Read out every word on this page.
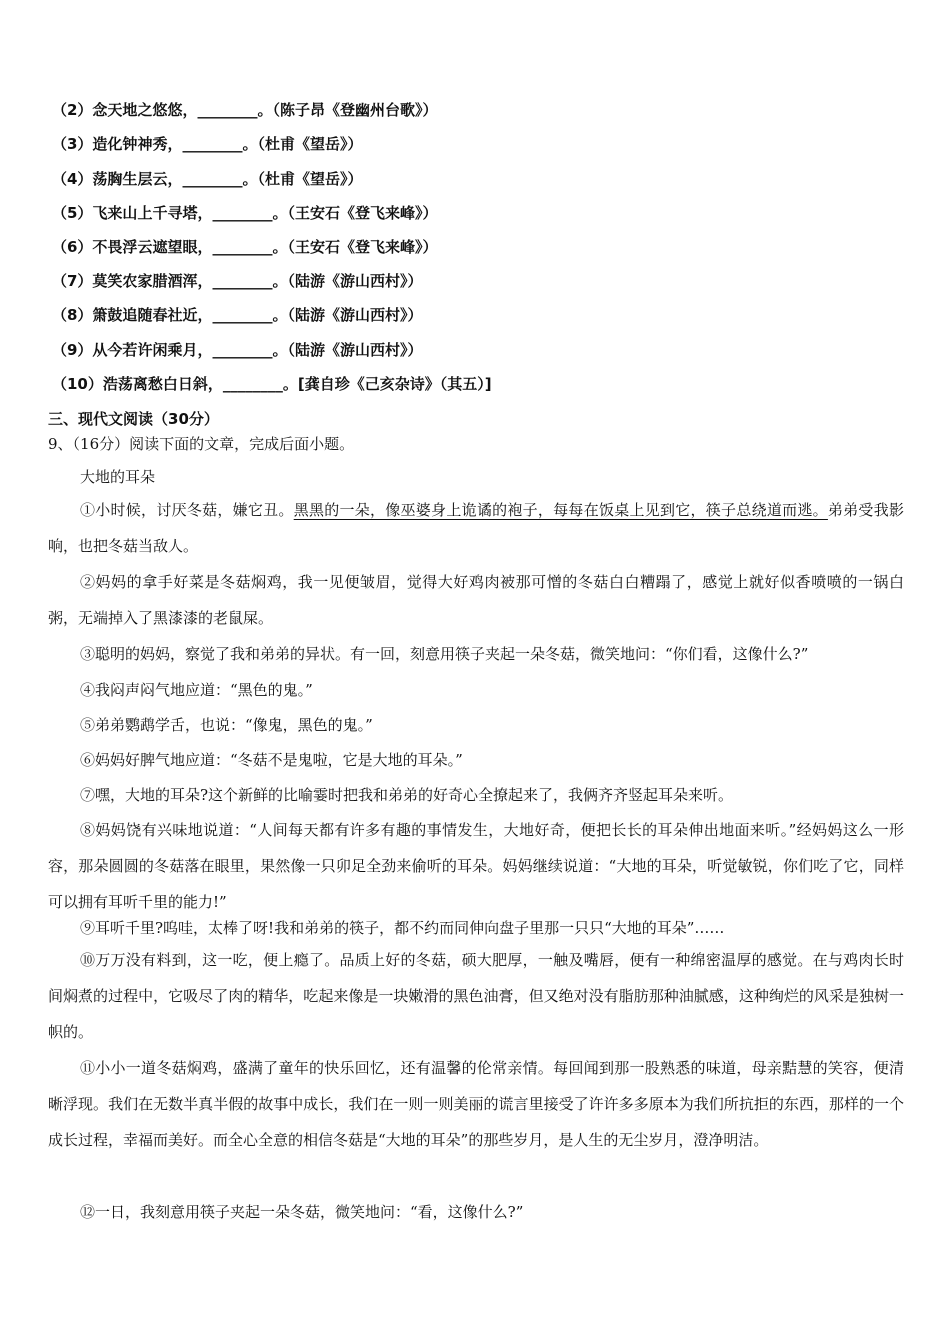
（2）念天地之悠悠，________。（陈子昂《登幽州台歌》）
（3）造化钟神秀，________。（杜甫《望岳》）
（4）荡胸生层云，________。（杜甫《望岳》）
（5）飞来山上千寻塔，________。（王安石《登飞来峰》）
（6）不畏浮云遮望眼，________。（王安石《登飞来峰》）
（7）莫笑农家腊酒浑，________。（陆游《游山西村》）
（8）箫鼓追随春社近，________。（陆游《游山西村》）
（9）从今若许闲乘月，________。（陆游《游山西村》）
（10）浩荡离愁白日斜，________。[龚自珍《己亥杂诗》（其五）]
三、现代文阅读（30分）
9、（16分）阅读下面的文章，完成后面小题。
大地的耳朵
①小时候，讨厌冬菇，嫌它丑。黑黑的一朵，像巫婆身上诡谲的袍子，每每在饭桌上见到它，筷子总绕道而逃。弟弟受我影响，也把冬菇当敌人。
②妈妈的拿手好菜是冬菇焖鸡，我一见便皱眉，觉得大好鸡肉被那可憎的冬菇白白糟蹋了，感觉上就好似香喷喷的一锅白粥，无端掉入了黑漆漆的老鼠屎。
③聪明的妈妈，察觉了我和弟弟的异状。有一回，刻意用筷子夹起一朵冬菇，微笑地问：“你们看，这像什么?”
④我闷声闷气地应道：“黑色的鬼。”
⑤弟弟鹦鹉学舌，也说：“像鬼，黑色的鬼。”
⑥妈妈好脾气地应道：“冬菇不是鬼啦，它是大地的耳朵。”
⑦嘿，大地的耳朵?这个新鲜的比喻霎时把我和弟弟的好奇心全撩起来了，我俩齐齐竖起耳朵来听。
⑧妈妈饶有兴味地说道：“人间每天都有许多有趣的事情发生，大地好奇，便把长长的耳朵伸出地面来听。”经妈妈这么一形容，那朵圆圆的冬菇落在眼里，果然像一只卯足全劲来偷听的耳朵。妈妈继续说道：“大地的耳朵，听觉敏锐，你们吃了它，同样可以拥有耳听千里的能力!”
⑨耳听千里?呜哇，太棒了呀!我和弟弟的筷子，都不约而同伸向盘子里那一只只“大地的耳朵”……
⑩万万没有料到，这一吃，便上瘾了。品质上好的冬菇，硕大肥厚，一触及嘴唇，便有一种绵密温厚的感觉。在与鸡肉长时间焖煮的过程中，它吸尽了肉的精华，吃起来像是一块嫩滑的黑色油膏，但又绝对没有脂肪那种油腻感，这种绚烂的风采是独树一帜的。
⑪小小一道冬菇焖鸡，盛满了童年的快乐回忆，还有温馨的伦常亲情。每回闻到那一股熟悉的味道，母亲黠慧的笑容，便清晰浮现。我们在无数半真半假的故事中成长，我们在一则一则美丽的谎言里接受了许许多多原本为我们所抗拒的东西，那样的一个成长过程，幸福而美好。而全心全意的相信冬菇是“大地的耳朵”的那些岁月，是人生的无尘岁月，澄净明洁。
⑫一日，我刻意用筷子夹起一朵冬菇，微笑地问：“看，这像什么?”
